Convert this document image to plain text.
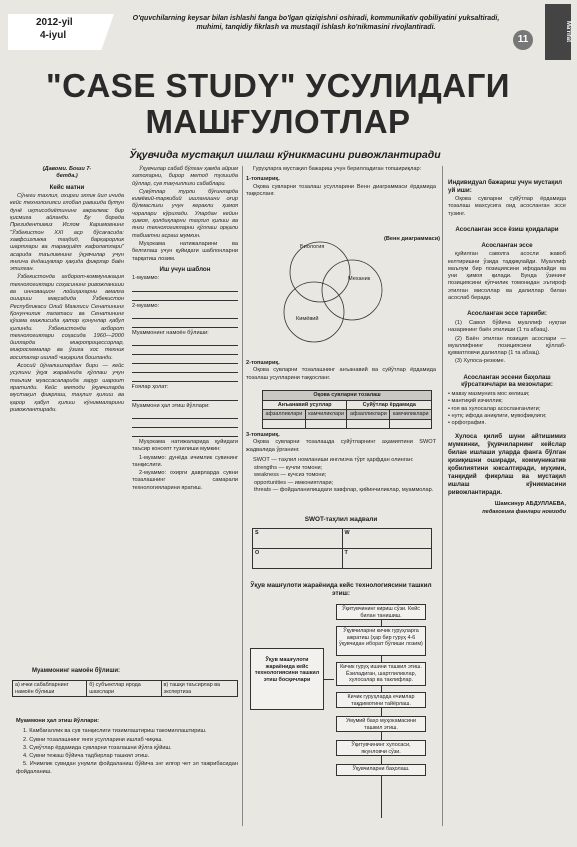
2012-yil
4-iyul
O'quvchilarning keysar bilan ishlashi fanga bo'lgan qiziqishni oshiradi, kommunikativ qobiliyatini yuksaltiradi, muhimi, tanqidiy fikrlash va mustaqil ishlash ko'nikmasini rivojlantiradi.
11	Ma'rifat
"CASE STUDY" УСУЛИДАГИ
МАШҒУЛОТЛАР
Ўқувчида мустақил ишлаш кўникмасини ривожлантиради
(Давоми. Боши 7-бетда.)
Кейс матни

Сўнгги тахлил, охирги эллик йил ичида кейс технологияси глобал равишда бутун дунё иқтисодиётининг ажралмас бир қисмига айланди. Бу борада Президентимиз Ислом Каримовнинг "Ўзбекистон XXI аср бўсағасида: хавфсизликка таҳдид, барқарорлик шартлари ва тараққиёт кафолатлари" асарида таълимнинг ўқувчилар учун янгича ёндашувлар ҳақида фикрлар баён этилган.

Ўзбекистонда ахборот-коммуникация технологиялари соҳасининг ривожланиши ва инновацион лойиҳаларни амалга ошириш мақсадида Ўзбекистон Республикаси Олий Мажлиси Сенатининг Қонунчилик палатаси ва Сенатининг қўшма мажлисида қатор қонунлар қабул қилинди. Ўзбекистонда ахборот технологиялари соҳасида 1960—2000 йилларда микропроцессорлар, микросхемалар ва ўзига хос техник воситалар ишлаб чиқарила бошланди.

Асосий йўналишлардан бири — кейс усулини ўқув жараёнида қўллаш учун таълим муассасаларида зарур шароит яратилди. Кейс методи ўқувчиларда мустақил фикрлаш, таҳлил қилиш ва қарор қабул қилиш кўникмаларини ривожлантиради.

Муаммонинг намоён бўлиши:
а) ички сабабларнинг намоён бўлиши	б) субъектлар ирода шахслари	в) ташқи таъсирлар ва экспертиза
Муаммони ҳал этиш йўллари:

1. Камбағаллик ва сув танқислиги тизимлаштириш такомиллаштириш.

2. Сувни тозалашнинг янги усулларини ишлаб чиқиш.

3. Сувўтлар ёрдамида сувларни тозалашни йўлга қўйиш.

4. Сувни тежаш бўйича тадбирлар ташкил этиш.

5. Ичимлик сувидан унумли фойдаланиш бўйича энг илғор чет эл тажрибасидан фойдаланиш.

Ўқувчилар сабаб бўлган ҳамда айрим хатоларни, бирор метод тузишда йўллар, сув тақчиллиги сабаблари.

Сувўтлар турли бўғинларда кимёвий-таркибий ишланишни оғир бўлмаслиги учун керакли ҳимоя чоралари кўрилади. Улардан кейин ҳимоя, қолдиқларни таҳлил қилиш ва янги технологияларни қўллаш орқали табиатни асраш мумкин.

Муҳокама натижаларини ва белгилаш учун қуйидаги шаблонларни тарқатиш лозим.

Иш учун шаблон
1-муаммо:
2-муаммо:
Муаммонинг намоён бўлиши:
Ғоялар ҳолат:
Муаммони ҳал этиш йўллари:

Муҳокама натижаларида қуйидаги таъсир консепт тузилиши мумкин:

1-муаммо: дунёда ичимлик сувининг танқислиги.

2-муаммо: охирги даврларда сувни тозалашнинг самарали технологияларини яратиш.

Гуруҳларга мустақил бажариш учун берилладиган топшириқлар:

1-топшириқ.

Оқова сувларни тозалаш усулларини Венн диаграммаси ёрдамида таққосланг.

(Венн диаграммаси)
Биология
Механик
Кимёвий
2-топшириқ.

Оқова сувларни тозалашнинг анъанавий ва суйўтлар ёрдамида тозалаш усулларини таққосланг.

Оқова сувларни тозалаш			
Анъанавий усуллар		Суйўтлар ёрдамида	
афзалликлари	камчиликлари	афзалликлари	камчиликлари

3-топшириқ.

Оқова сувларни тозалашда суйўтларнинг аҳамиятини SWOT жадвалида ўрганинг.

SWOT — таҳлил номланиши инглизча тўрт ҳарфдан олинган:

strengths — кучли томони;
weakness — кучсиз томони;
opportunities — имкониятлари;
threats — фойдаланилишдаги хавфлар, қийинчиликлар, муаммолар.
SWOT-таҳлил жадвали
S	W
O	T
Ўқув машғулоти жараёнида кейс технологиясини ташкил этиш:
Ўқув машғулоти жараёнида кейс технологиясини ташкил этиш босқичлари
Ўқитувчининг кириш сўзи. Кейс билан танишиш.
Ўқувчиларни кичик гуруҳларга ажратиш (ҳар бир гуруҳ 4-6 ўқувчидан иборат бўлиши лозим)
Кичик гуруҳ ишини ташкил этиш. Ёзиладиган, шартлиликлар, хулосалар ва таклифлар.
Кичик гуруҳларда ечимлар тақдимотини тайёрлаш.
Умумий баҳо муҳокамасини ташкил этиш.
Ўқитувчининг хулосаси, якунловчи сўзи.
Ўқувчиларни баҳолаш.
Индивидуал бажариш учун мустақил уй иши:

Оқова сувларни суйўтлар ёрдамида тозалаш махсусига оид асосланган эссе тузинг.

Асосланган эссе ёзиш қоидалари
Асосланган эссе

қуйилган саволга асосли жавоб келтиришни ўзида тадқиқлайди. Муаллиф маълум бир позициясини ифодалайди ва уни ҳимоя қилади. Бунда ўзининг позициясини кўпчилик томонидан эътироф этилган мисоллар ва далиллар билан асослаб беради.

Асосланган эссе таркиби:

(1) Савол бўйича муаллиф нуқтаи назарининг баён этилиши (1 та абзац).

(2) Баён этилган позиция асослари — муаллифнинг позициясини қўллаб-қувватловчи далиллар (1 та абзац).

(3) Хулоса-резюме.

Асосланган эссени баҳолаш кўрсаткичлари ва мезонлари:
• мавзу мазмунига мос келиши;
• мантиқий изчиллик;
• ғоя ва хулосалар асосланганлиги;
• нутқ: ифода аниқлиги, мувофиқлиги;
• орфография.

Хулоса қилиб шуни айтишимиз мумкинки, ўқувчиларнинг кейслар билан ишлаши уларда фанга бўлган қизиқишни оширади, коммуникатив қобилиятини юксалтиради, муҳими, танқидий фикрлаш ва мустақил ишлаш кўникмасини ривожлантиради.

Шамсинур АБДУЛЛАЕВА,
педагогика фанлари номзоди
